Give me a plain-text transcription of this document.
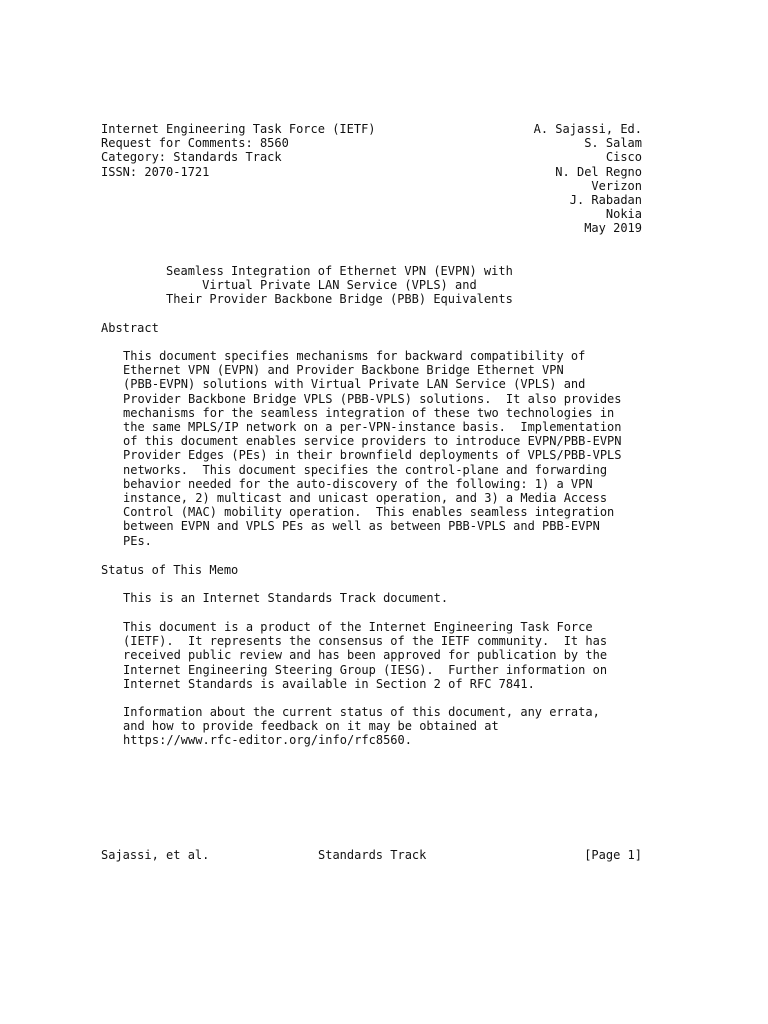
Internet Engineering Task Force (IETF)
Request for Comments: 8560
Category: Standards Track
ISSN: 2070-1721
A. Sajassi, Ed.
S. Salam
Cisco
N. Del Regno
Verizon
J. Rabadan
Nokia
May 2019
Seamless Integration of Ethernet VPN (EVPN) with
Virtual Private LAN Service (VPLS) and
Their Provider Backbone Bridge (PBB) Equivalents
Abstract
This document specifies mechanisms for backward compatibility of
Ethernet VPN (EVPN) and Provider Backbone Bridge Ethernet VPN
(PBB-EVPN) solutions with Virtual Private LAN Service (VPLS) and
Provider Backbone Bridge VPLS (PBB-VPLS) solutions.  It also provides
mechanisms for the seamless integration of these two technologies in
the same MPLS/IP network on a per-VPN-instance basis.  Implementation
of this document enables service providers to introduce EVPN/PBB-EVPN
Provider Edges (PEs) in their brownfield deployments of VPLS/PBB-VPLS
networks.  This document specifies the control-plane and forwarding
behavior needed for the auto-discovery of the following: 1) a VPN
instance, 2) multicast and unicast operation, and 3) a Media Access
Control (MAC) mobility operation.  This enables seamless integration
between EVPN and VPLS PEs as well as between PBB-VPLS and PBB-EVPN
PEs.
Status of This Memo
This is an Internet Standards Track document.
This document is a product of the Internet Engineering Task Force
(IETF).  It represents the consensus of the IETF community.  It has
received public review and has been approved for publication by the
Internet Engineering Steering Group (IESG).  Further information on
Internet Standards is available in Section 2 of RFC 7841.
Information about the current status of this document, any errata,
and how to provide feedback on it may be obtained at
https://www.rfc-editor.org/info/rfc8560.
Sajassi, et al.	Standards Track	[Page 1]
